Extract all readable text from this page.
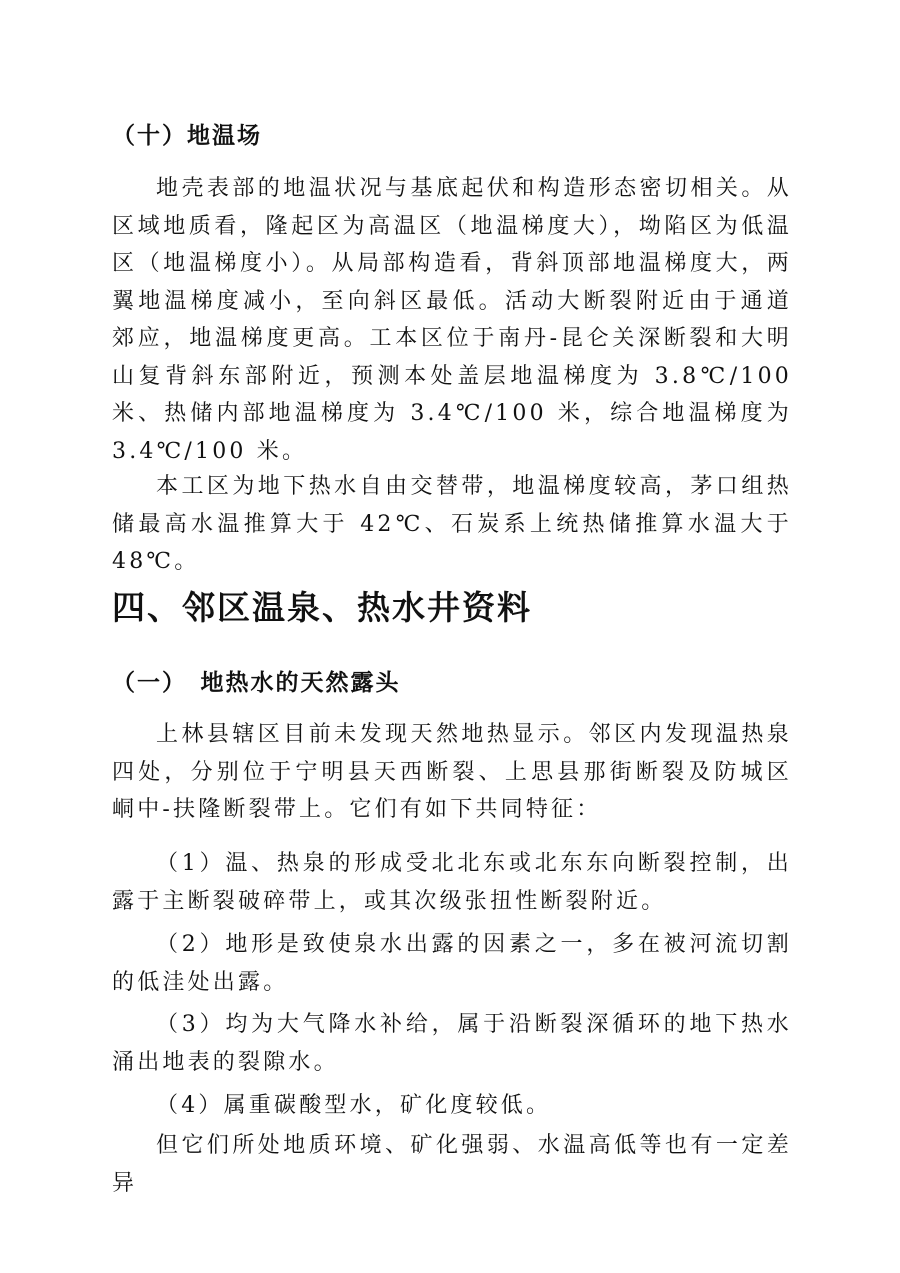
（十）地温场

地壳表部的地温状况与基底起伏和构造形态密切相关。从区域地质看，隆起区为高温区（地温梯度大），坳陷区为低温区（地温梯度小）。从局部构造看，背斜顶部地温梯度大，两翼地温梯度减小，至向斜区最低。活动大断裂附近由于通道郊应，地温梯度更高。工本区位于南丹-昆仑关深断裂和大明山复背斜东部附近，预测本处盖层地温梯度为 3.8℃/100 米、热储内部地温梯度为 3.4℃/100 米，综合地温梯度为 3.4℃/100 米。

本工区为地下热水自由交替带，地温梯度较高，茅口组热储最高水温推算大于 42℃、石炭系上统热储推算水温大于 48℃。

四、邻区温泉、热水井资料
（一）　地热水的天然露头

上林县辖区目前未发现天然地热显示。邻区内发现温热泉四处，分别位于宁明县天西断裂、上思县那街断裂及防城区峒中-扶隆断裂带上。它们有如下共同特征：

（1）温、热泉的形成受北北东或北东东向断裂控制，出露于主断裂破碎带上，或其次级张扭性断裂附近。

（2）地形是致使泉水出露的因素之一，多在被河流切割的低洼处出露。

（3）均为大气降水补给，属于沿断裂深循环的地下热水涌出地表的裂隙水。

（4）属重碳酸型水，矿化度较低。

但它们所处地质环境、矿化强弱、水温高低等也有一定差异
